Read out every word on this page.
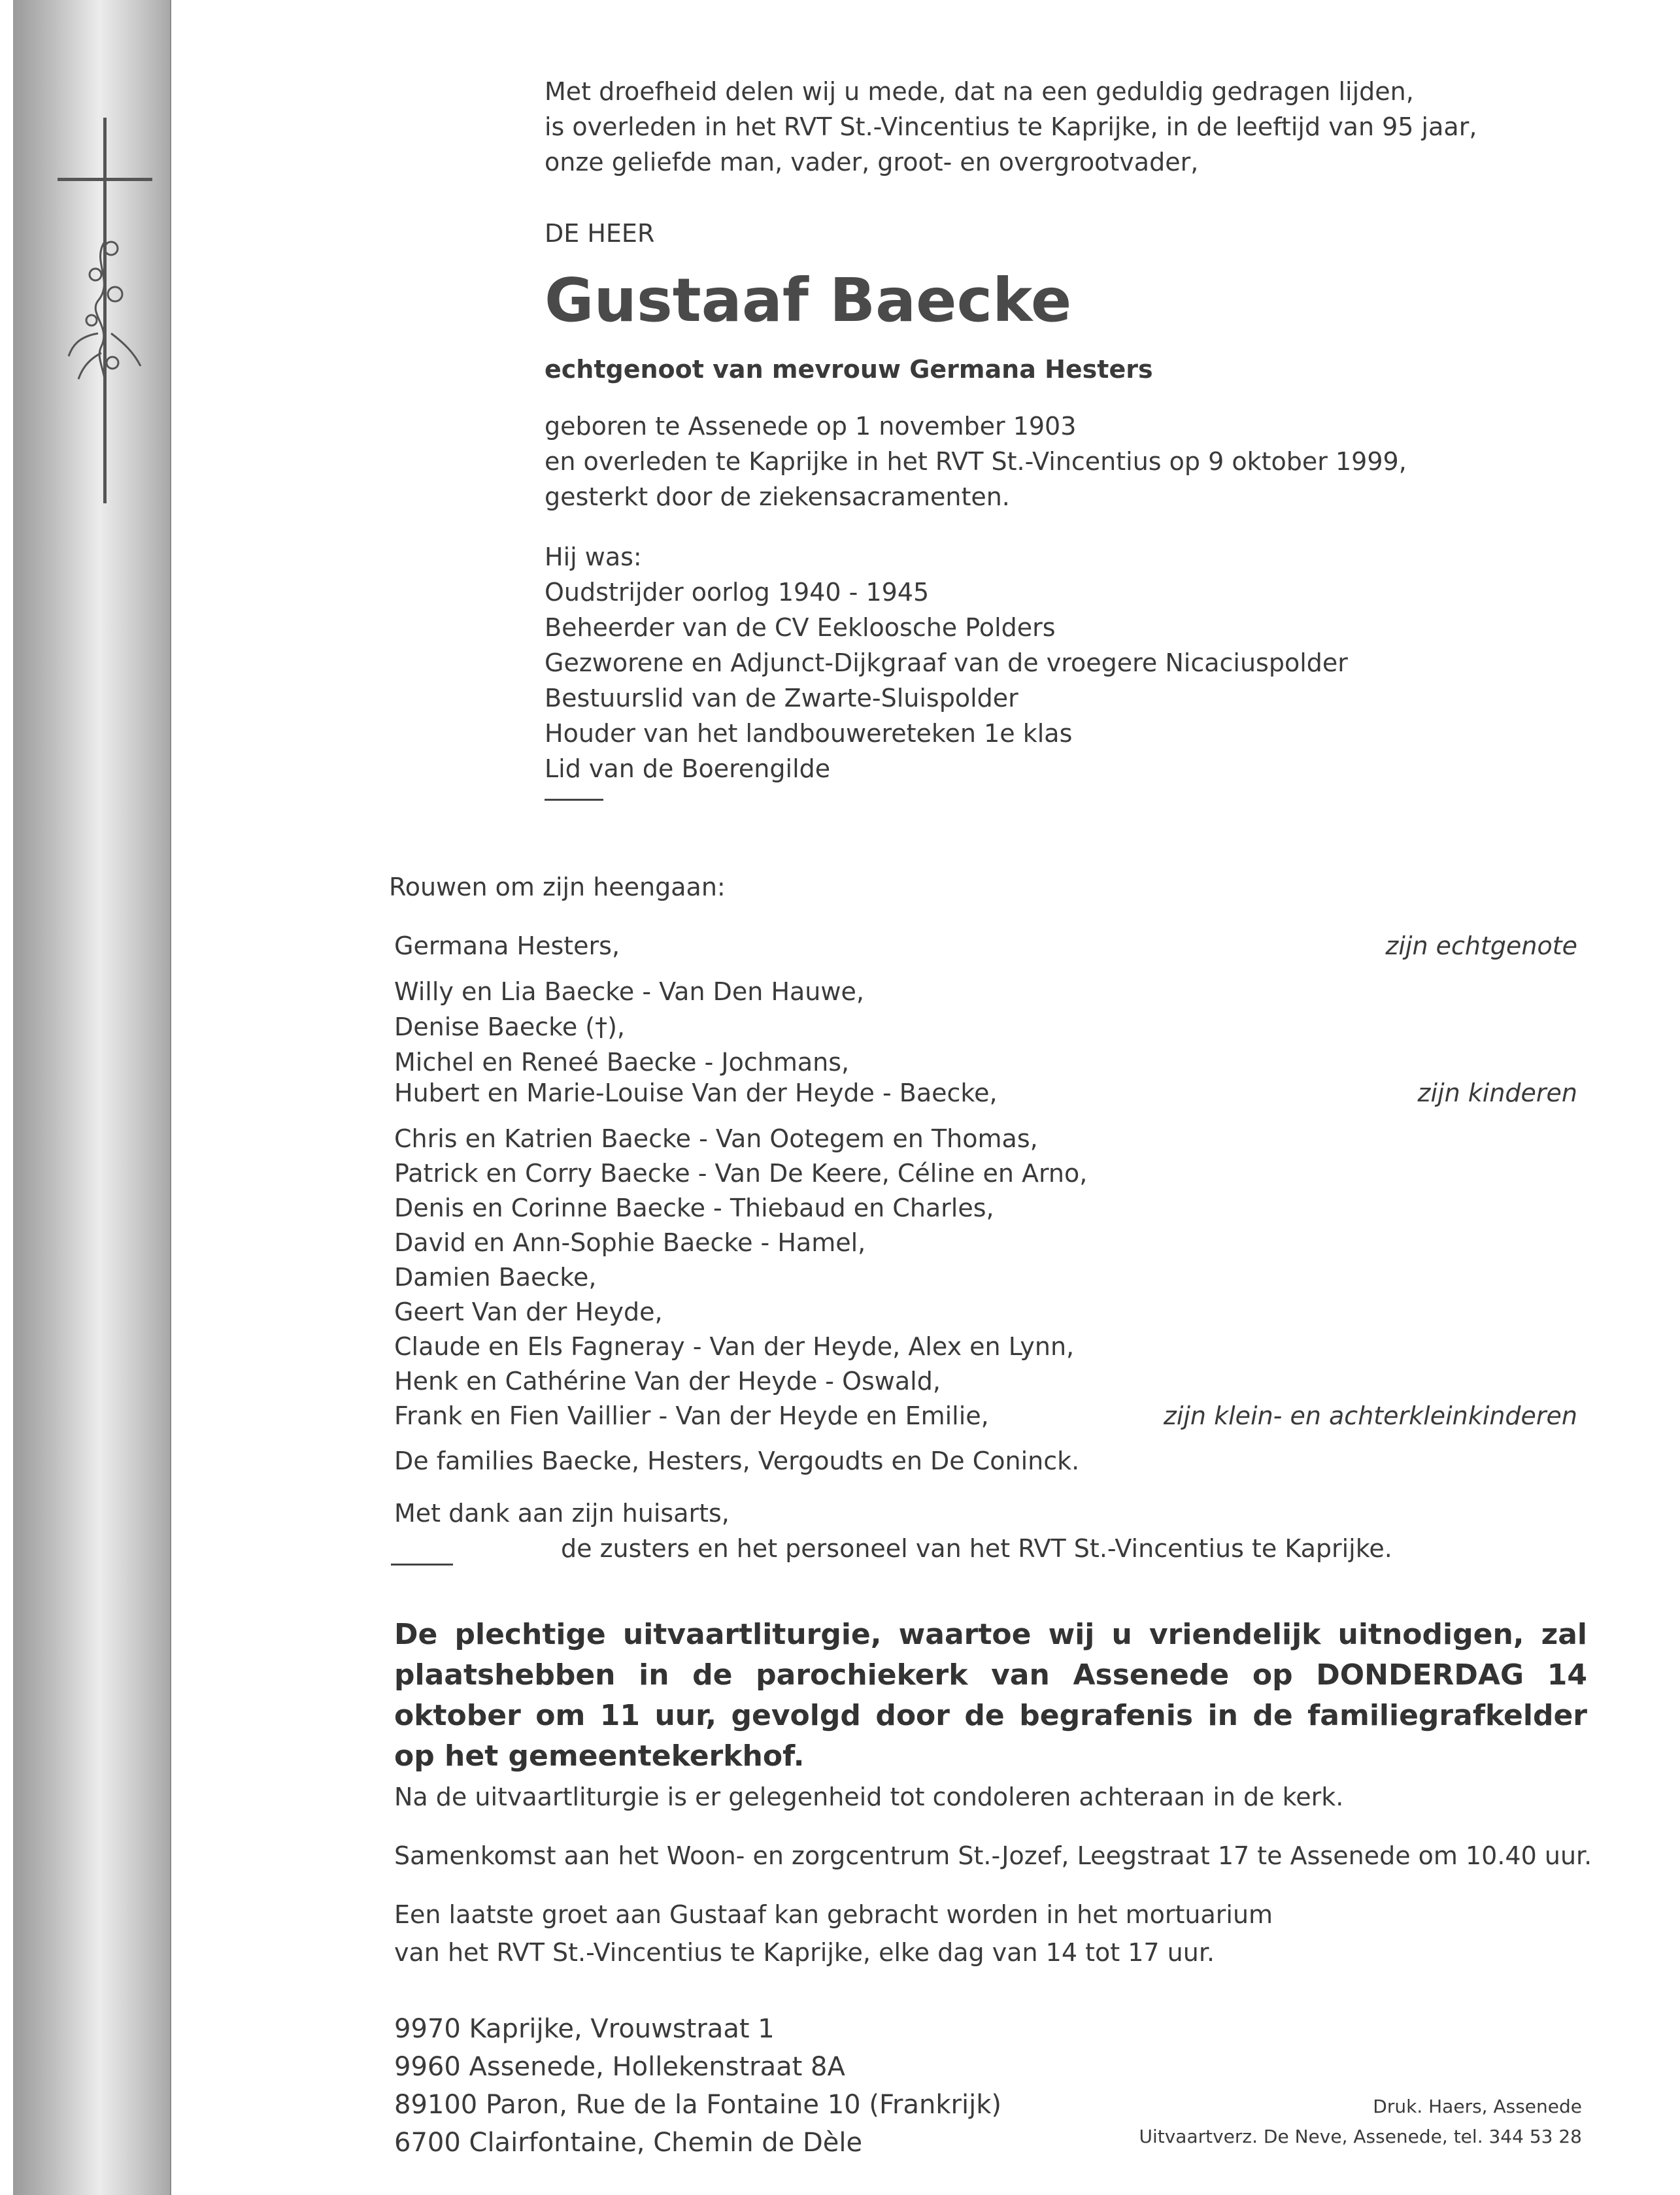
Met droefheid delen wij u mede, dat na een geduldig gedragen lijden,
is overleden in het RVT St.-Vincentius te Kaprijke, in de leeftijd van 95 jaar,
onze geliefde man, vader, groot- en overgrootvader,
DE HEER
Gustaaf Baecke
echtgenoot van mevrouw Germana Hesters
geboren te Assenede op 1 november 1903
en overleden te Kaprijke in het RVT St.-Vincentius op 9 oktober 1999,
gesterkt door de ziekensacramenten.
Hij was:
Oudstrijder oorlog 1940 - 1945
Beheerder van de CV Eekloosche Polders
Gezworene en Adjunct-Dijkgraaf van de vroegere Nicaciuspolder
Bestuurslid van de Zwarte-Sluispolder
Houder van het landbouwereteken 1e klas
Lid van de Boerengilde
Rouwen om zijn heengaan:
Germana Hesters,	zijn echtgenote
Willy en Lia Baecke - Van Den Hauwe,
Denise Baecke (†),
Michel en Reneé Baecke - Jochmans,
Hubert en Marie-Louise Van der Heyde - Baecke,	zijn kinderen
Chris en Katrien Baecke - Van Ootegem en Thomas,
Patrick en Corry Baecke - Van De Keere, Céline en Arno,
Denis en Corinne Baecke - Thiebaud en Charles,
David en Ann-Sophie Baecke - Hamel,
Damien Baecke,
Geert Van der Heyde,
Claude en Els Fagneray - Van der Heyde, Alex en Lynn,
Henk en Cathérine Van der Heyde - Oswald,
Frank en Fien Vaillier - Van der Heyde en Emilie,	zijn klein- en achterkleinkinderen
De families Baecke, Hesters, Vergoudts en De Coninck.
Met dank aan zijn huisarts,
de zusters en het personeel van het RVT St.-Vincentius te Kaprijke.
De plechtige uitvaartliturgie, waartoe wij u vriendelijk uitnodigen, zal plaatshebben in de parochiekerk van Assenede op DONDERDAG 14 oktober om 11 uur, gevolgd door de begrafenis in de familiegrafkelder op het gemeentekerkhof.
Na de uitvaartliturgie is er gelegenheid tot condoleren achteraan in de kerk.
Samenkomst aan het Woon- en zorgcentrum St.-Jozef, Leegstraat 17 te Assenede om 10.40 uur.
Een laatste groet aan Gustaaf kan gebracht worden in het mortuarium
van het RVT St.-Vincentius te Kaprijke, elke dag van 14 tot 17 uur.
9970 Kaprijke, Vrouwstraat 1
9960 Assenede, Hollekenstraat 8A
89100 Paron, Rue de la Fontaine 10 (Frankrijk)
6700 Clairfontaine, Chemin de Dèle
Druk. Haers, Assenede
Uitvaartverz. De Neve, Assenede, tel. 344 53 28
